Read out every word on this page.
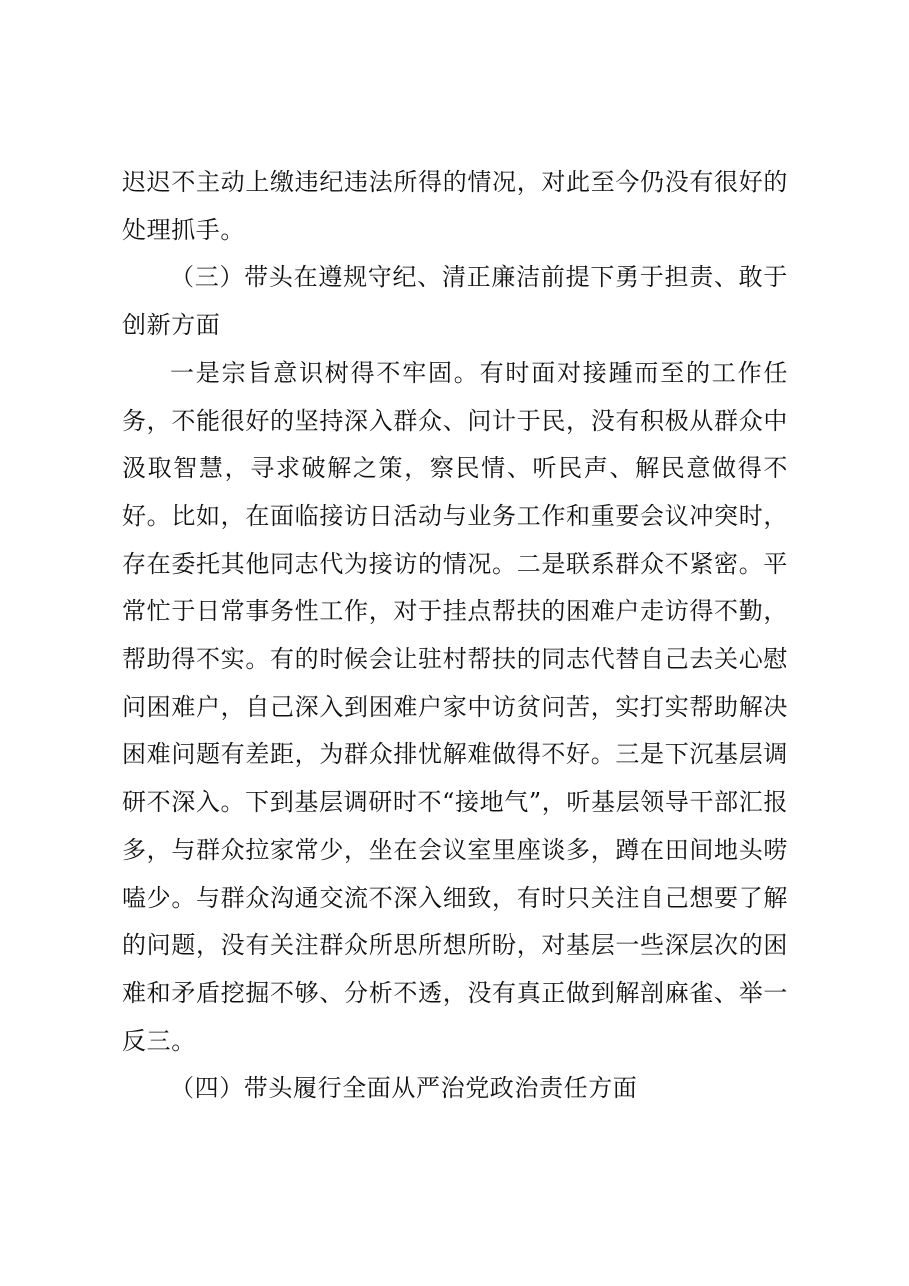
迟迟不主动上缴违纪违法所得的情况，对此至今仍没有很好的处理抓手。

（三）带头在遵规守纪、清正廉洁前提下勇于担责、敢于创新方面

一是宗旨意识树得不牢固。有时面对接踵而至的工作任务，不能很好的坚持深入群众、问计于民，没有积极从群众中汲取智慧，寻求破解之策，察民情、听民声、解民意做得不好。比如，在面临接访日活动与业务工作和重要会议冲突时，存在委托其他同志代为接访的情况。二是联系群众不紧密。平常忙于日常事务性工作，对于挂点帮扶的困难户走访得不勤，帮助得不实。有的时候会让驻村帮扶的同志代替自己去关心慰问困难户，自己深入到困难户家中访贫问苦，实打实帮助解决困难问题有差距，为群众排忧解难做得不好。三是下沉基层调研不深入。下到基层调研时不“接地气”，听基层领导干部汇报多，与群众拉家常少，坐在会议室里座谈多，蹲在田间地头唠嗑少。与群众沟通交流不深入细致，有时只关注自己想要了解的问题，没有关注群众所思所想所盼，对基层一些深层次的困难和矛盾挖掘不够、分析不透，没有真正做到解剖麻雀、举一反三。

（四）带头履行全面从严治党政治责任方面
